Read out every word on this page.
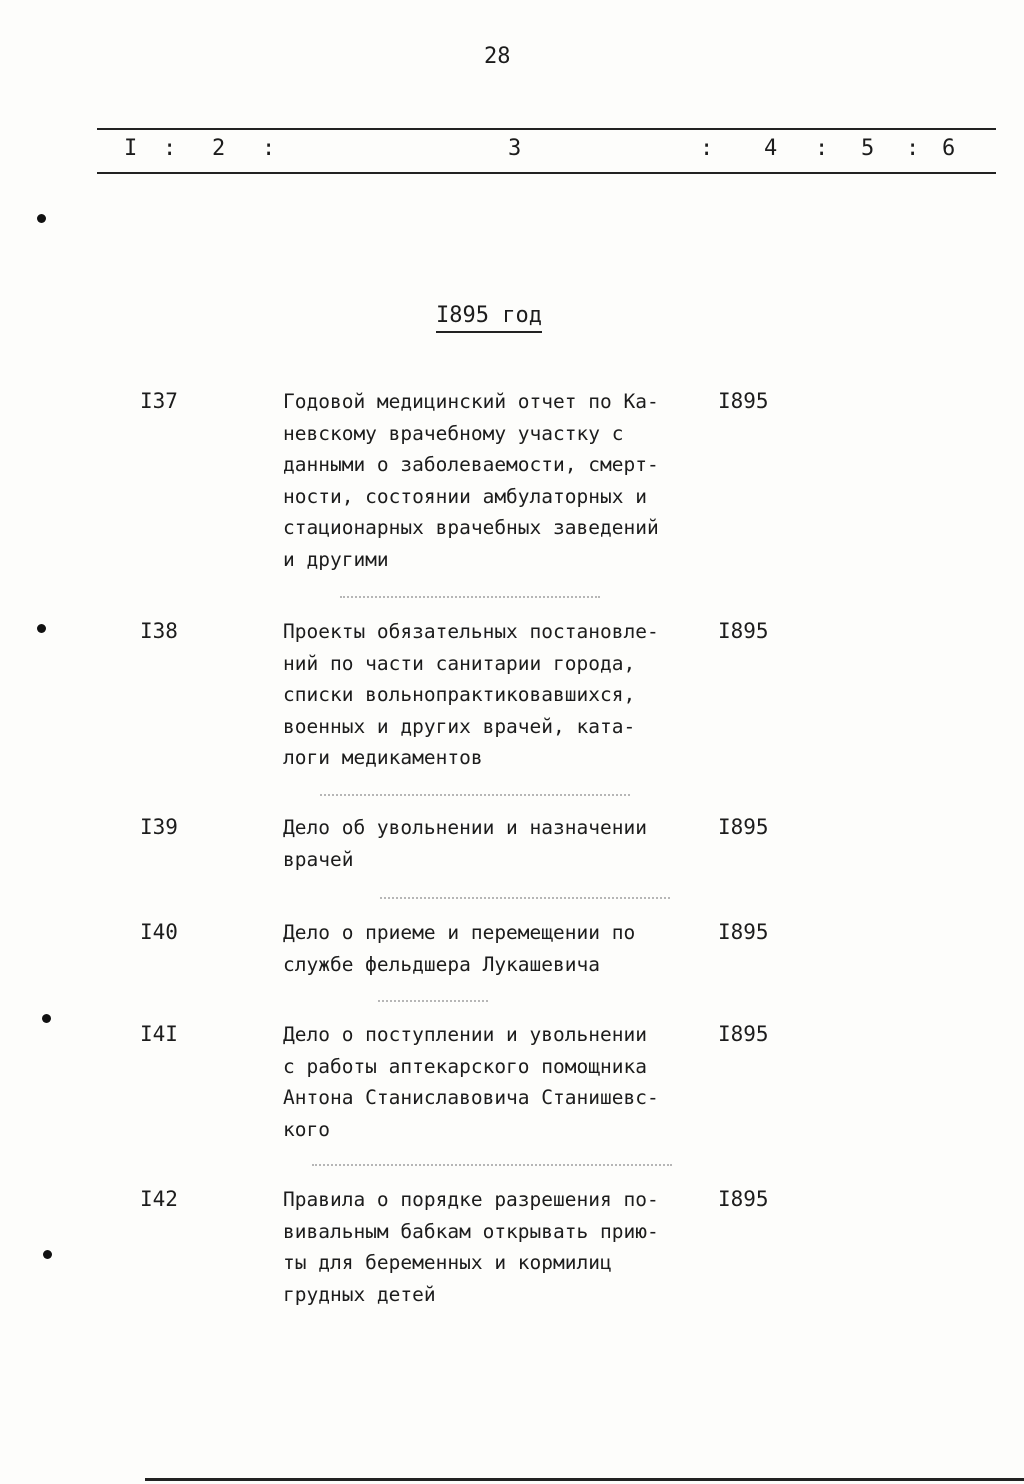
28
I : 2 :	3	: 4 : 5 : 6
I895 год
I37	Годовой медицинский отчет по Ка-
невскому врачебному участку с
данными о заболеваемости, смерт-
ности, состоянии амбулаторных и
стационарных врачебных заведений
и другими
I895
I38	Проекты обязательных постановле-
ний по части санитарии города,
списки вольнопрактиковавшихся,
военных и других врачей, ката-
логи медикаментов
I895
I39	Дело об увольнении и назначении
врачей
I895
I40	Дело о приеме и перемещении по
службе фельдшера Лукашевича
I895
I4I	Дело о поступлении и увольнении
с работы аптекарского помощника
Антона Станиславовича Станишевс-
кого
I895
I42	Правила о порядке разрешения по-
вивальным бабкам открывать прию-
ты для беременных и кормилиц
грудных детей
I895
